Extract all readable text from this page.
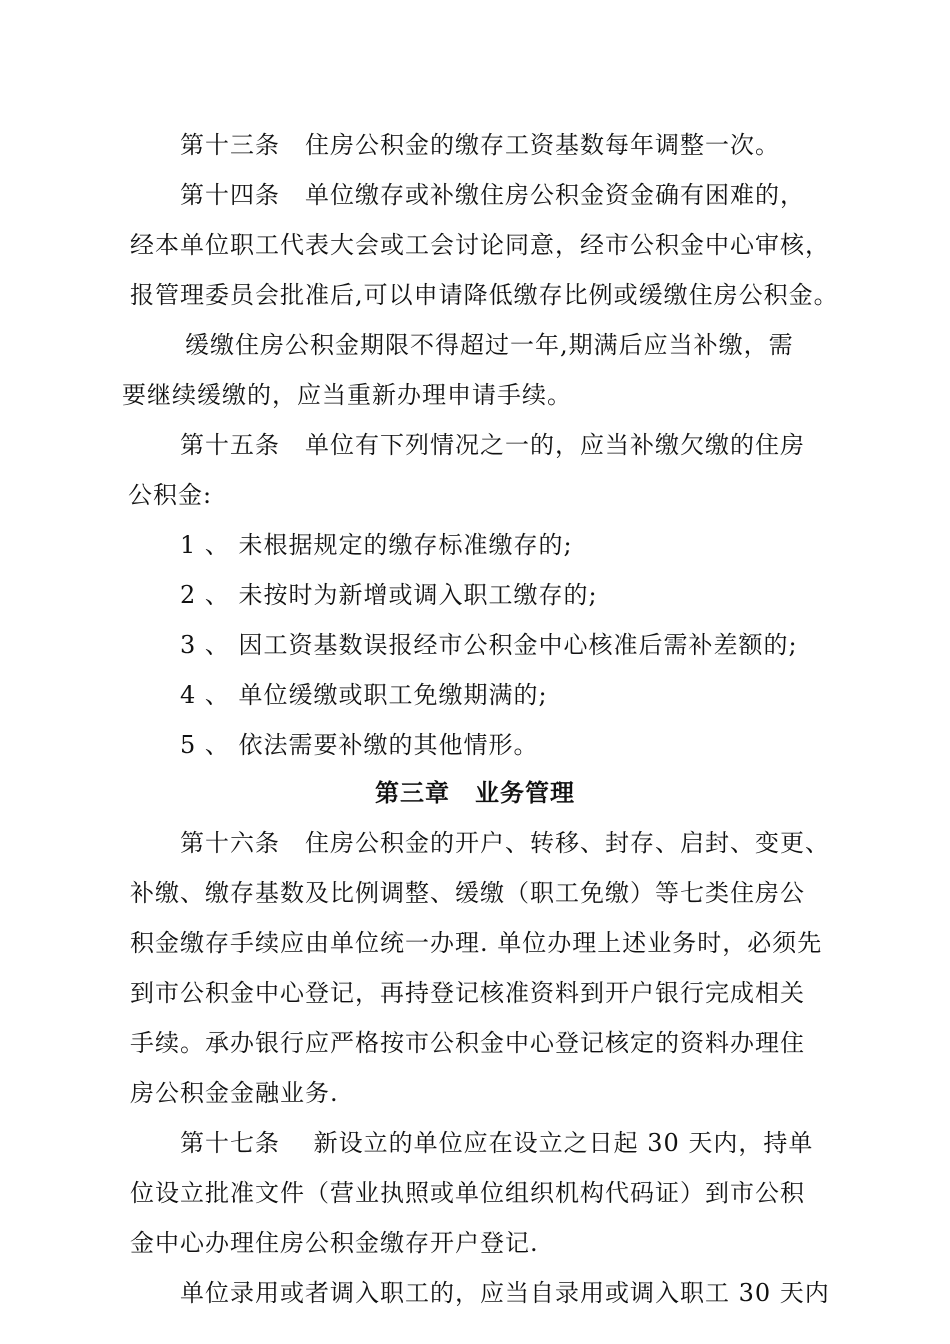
第十三条　住房公积金的缴存工资基数每年调整一次。

第十四条　单位缴存或补缴住房公积金资金确有困难的，

经本单位职工代表大会或工会讨论同意，经市公积金中心审核，

报管理委员会批准后,可以申请降低缴存比例或缓缴住房公积金。

缓缴住房公积金期限不得超过一年,期满后应当补缴，需

要继续缓缴的，应当重新办理申请手续。

第十五条　单位有下列情况之一的，应当补缴欠缴的住房

公积金:

1 、 未根据规定的缴存标准缴存的;

2 、 未按时为新增或调入职工缴存的;

3 、 因工资基数误报经市公积金中心核准后需补差额的;

4 、 单位缓缴或职工免缴期满的;

5 、 依法需要补缴的其他情形。

第三章　业务管理

第十六条　住房公积金的开户、转移、封存、启封、变更、

补缴、缴存基数及比例调整、缓缴（职工免缴）等七类住房公

积金缴存手续应由单位统一办理. 单位办理上述业务时，必须先

到市公积金中心登记，再持登记核准资料到开户银行完成相关

手续。承办银行应严格按市公积金中心登记核定的资料办理住

房公积金金融业务.

第十七条　 新设立的单位应在设立之日起 30 天内，持单

位设立批准文件（营业执照或单位组织机构代码证）到市公积

金中心办理住房公积金缴存开户登记.

单位录用或者调入职工的，应当自录用或调入职工 30 天内
